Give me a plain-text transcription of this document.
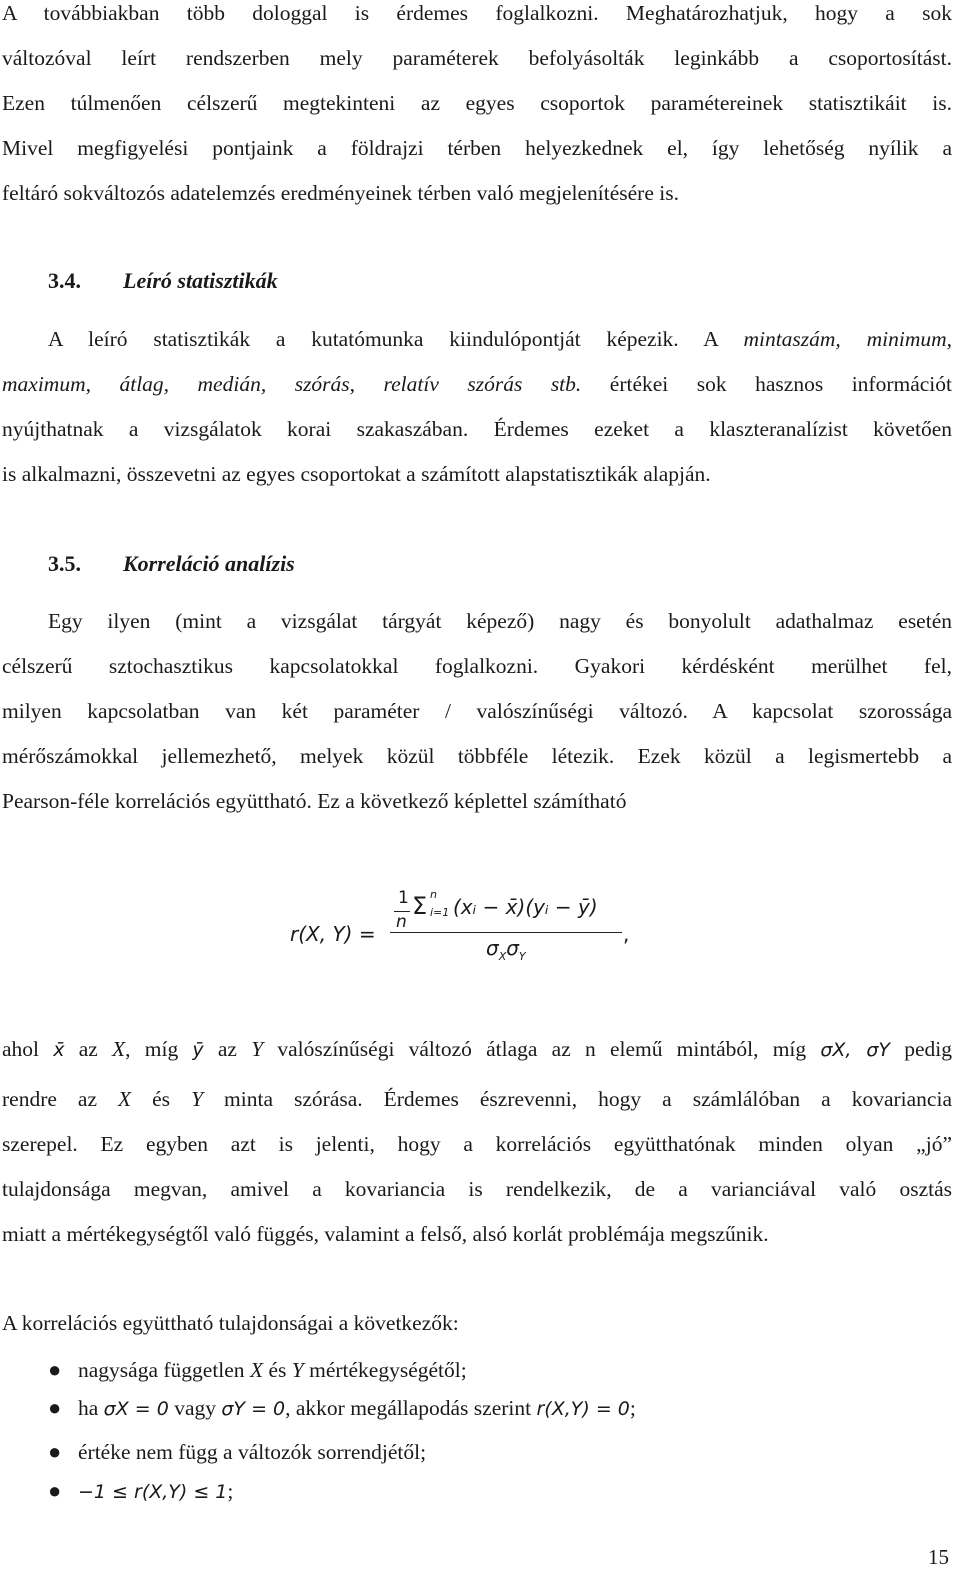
A továbbiakban több dologgal is érdemes foglalkozni. Meghatározhatjuk, hogy a sok
változóval leírt rendszerben mely paraméterek befolyásolták leginkább a csoportosítást.
Ezen túlmenően célszerű megtekinteni az egyes csoportok paramétereinek statisztikáit is.
Mivel megfigyelési pontjaink a földrajzi térben helyezkednek el, így lehetőség nyílik a
feltáró sokváltozós adatelemzés eredményeinek térben való megjelenítésére is.
3.4. Leíró statisztikák
A leíró statisztikák a kutatómunka kiindulópontját képezik. A mintaszám, minimum,
maximum, átlag, medián, szórás, relatív szórás stb. értékei sok hasznos információt
nyújthatnak a vizsgálatok korai szakaszában. Érdemes ezeket a klaszteranalízist követően
is alkalmazni, összevetni az egyes csoportokat a számított alapstatisztikák alapján.
3.5. Korreláció analízis
Egy ilyen (mint a vizsgálat tárgyát képező) nagy és bonyolult adathalmaz esetén
célszerű sztochasztikus kapcsolatokkal foglalkozni. Gyakori kérdésként merülhet fel,
milyen kapcsolatban van két paraméter / valószínűségi változó. A kapcsolat szorossága
mérőszámokkal jellemezhető, melyek közül többféle létezik. Ezek közül a legismertebb a
Pearson-féle korrelációs együttható. Ez a következő képlettel számítható
r(X, Y) =
1
n
Σ n
i=1 (xᵢ − x̄)(yᵢ − ȳ)
$\sigma_X\sigma_Y$
,
ahol x̄ az X, míg ȳ az Y valószínűségi változó átlaga az n elemű mintából, míg σX, σY pedig
rendre az X és Y minta szórása. Érdemes észrevenni, hogy a számlálóban a kovariancia
szerepel. Ez egyben azt is jelenti, hogy a korrelációs együtthatónak minden olyan „jó”
tulajdonsága megvan, amivel a kovariancia is rendelkezik, de a varianciával való osztás
miatt a mértékegységtől való függés, valamint a felső, alsó korlát problémája megszűnik.
A korrelációs együttható tulajdonságai a következők:
● nagysága független X és Y mértékegységétől;
● ha σX = 0 vagy σY = 0, akkor megállapodás szerint r(X,Y) = 0;
● értéke nem függ a változók sorrendjétől;
● −1 ≤ r(X,Y) ≤ 1;
15
